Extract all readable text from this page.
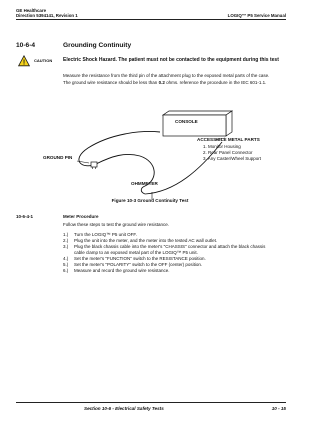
GE Healthcare
Direction 5394141, Revision 1	LOGIQ™ P5 Service Manual
10-6-4	Grounding Continuity
! CAUTION Electric Shock Hazard. The patient must not be contacted to the equipment during this test
Measure the resistance from the third pin of the attachment plug to the exposed metal parts of the case.
The ground wire resistance should be less than 0.2 ohms. reference the procedure in the IEC 601-1.1.
CONSOLE
ACCESSIBLE METAL PARTS
1. Monitor Housing
2. Rear Panel Connector
3. Any Caster/Wheel Support
GROUND PIN
OHMMETER
Figure 10-3 Ground Continuity Test
10-6-4-1	Meter Procedure
Follow these steps to test the ground wire resistance.
1.) Turn the LOGIQ™ P5 unit OFF.
2.) Plug the unit into the meter, and the meter into the tested AC wall outlet.
3.) Plug the black chassis cable into the meter's "CHASSIS" connector and attach the black chassis
cable clamp to an exposed metal part of the LOGIQ™ P5 unit.
4.) Set the meter's "FUNCTION" switch to the RESISTANCE position.
5.) Set the meter's "POLARITY" switch to the OFF (center) position.
6.) Measure and record the ground wire resistance.
Section 10-6 - Electrical Safety Tests	10 - 15
